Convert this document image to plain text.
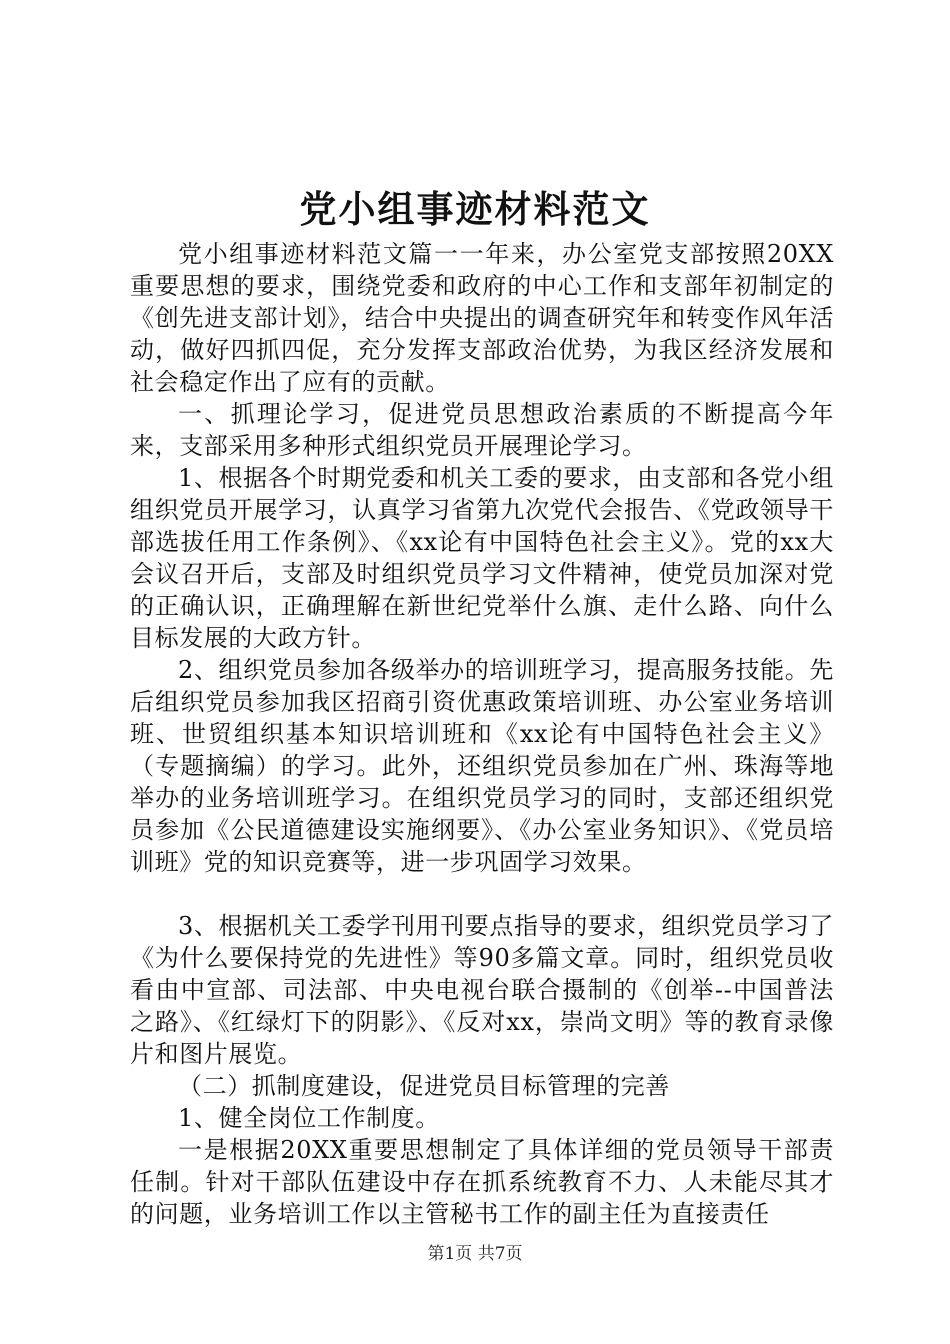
党小组事迹材料范文

党小组事迹材料范文篇一一年来，办公室党支部按照20XX重要思想的要求，围绕党委和政府的中心工作和支部年初制定的《创先进支部计划》，结合中央提出的调查研究年和转变作风年活动，做好四抓四促，充分发挥支部政治优势，为我区经济发展和社会稳定作出了应有的贡献。

一、抓理论学习，促进党员思想政治素质的不断提高今年来，支部采用多种形式组织党员开展理论学习。

1、根据各个时期党委和机关工委的要求，由支部和各党小组组织党员开展学习，认真学习省第九次党代会报告、《党政领导干部选拔任用工作条例》、《xx论有中国特色社会主义》。党的xx大会议召开后，支部及时组织党员学习文件精神，使党员加深对党的正确认识，正确理解在新世纪党举什么旗、走什么路、向什么目标发展的大政方针。

2、组织党员参加各级举办的培训班学习，提高服务技能。先后组织党员参加我区招商引资优惠政策培训班、办公室业务培训班、世贸组织基本知识培训班和《xx论有中国特色社会主义》（专题摘编）的学习。此外，还组织党员参加在广州、珠海等地举办的业务培训班学习。在组织党员学习的同时，支部还组织党员参加《公民道德建设实施纲要》、《办公室业务知识》、《党员培训班》党的知识竞赛等，进一步巩固学习效果。

3、根据机关工委学刊用刊要点指导的要求，组织党员学习了《为什么要保持党的先进性》等90多篇文章。同时，组织党员收看由中宣部、司法部、中央电视台联合摄制的《创举--中国普法之路》、《红绿灯下的阴影》、《反对xx，崇尚文明》等的教育录像片和图片展览。

（二）抓制度建设，促进党员目标管理的完善

1、健全岗位工作制度。

一是根据20XX重要思想制定了具体详细的党员领导干部责任制。针对干部队伍建设中存在抓系统教育不力、人未能尽其才的问题，业务培训工作以主管秘书工作的副主任为直接责任

第1页 共7页
